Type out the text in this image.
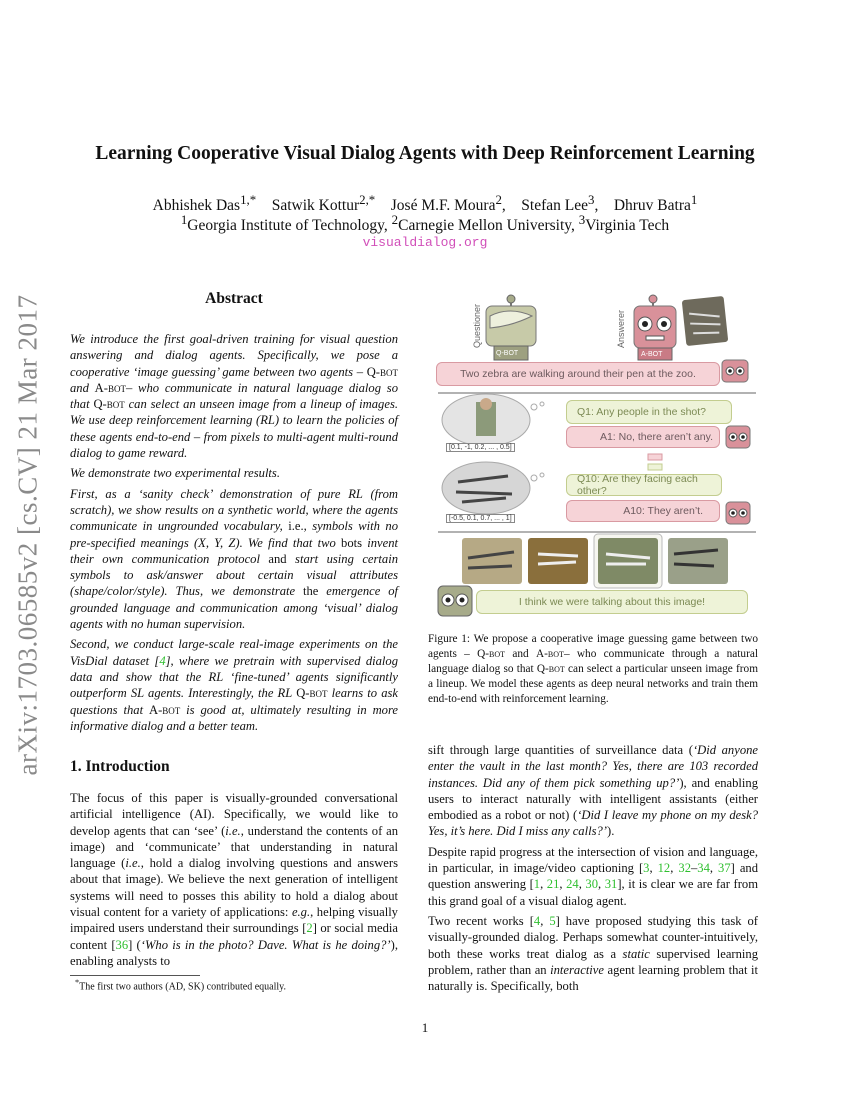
Learning Cooperative Visual Dialog Agents with Deep Reinforcement Learning
Abhishek Das$^{1,*}$ Satwik Kottur$^{2,*}$ José M.F. Moura$^2$,    Stefan Lee$^3$,    Dhruv Batra$^1$
$^1$Georgia Institute of Technology, $^2$Carnegie Mellon University, $^3$Virginia Tech
visualdialog.org
arXiv:1703.06585v2 [cs.CV] 21 Mar 2017	Abstract

We introduce the first goal-driven training for visual question answering and dialog agents. Specifically, we pose a cooperative ‘image guessing’ game between two agents – Q-bot and A-bot– who communicate in natural language dialog so that Q-bot can select an unseen image from a lineup of images. We use deep reinforcement learning (RL) to learn the policies of these agents end-to-end – from pixels to multi-agent multi-round dialog to game reward.

We demonstrate two experimental results.

First, as a ‘sanity check’ demonstration of pure RL (from scratch), we show results on a synthetic world, where the agents communicate in ungrounded vocabulary, i.e., symbols with no pre-specified meanings (X, Y, Z). We find that two bots invent their own communication protocol and start using certain symbols to ask/answer about certain visual attributes (shape/color/style). Thus, we demonstrate the emergence of grounded language and communication among ‘visual’ dialog agents with no human supervision.

Second, we conduct large-scale real-image experiments on the VisDial dataset [4], where we pretrain with supervised dialog data and show that the RL ‘fine-tuned’ agents significantly outperform SL agents. Interestingly, the RL Q-bot learns to ask questions that A-bot is good at, ultimately resulting in more informative dialog and a better team.

1. Introduction

The focus of this paper is visually-grounded conversational artificial intelligence (AI). Specifically, we would like to develop agents that can ‘see’ (i.e., understand the contents of an image) and ‘communicate’ that understanding in natural language (i.e., hold a dialog involving questions and answers about that image). We believe the next generation of intelligent systems will need to posses this ability to hold a dialog about visual content for a variety of applications: e.g., helping visually impaired users understand their surroundings [2] or social media content [36] (‘Who is in the photo? Dave. What is he doing?’), enabling analysts to

*The first two authors (AD, SK) contributed equally.
Questioner	Answerer
Q-BOT	A-BOT
Two zebra are walking around their pen at the zoo.
Q1: Any people in the shot?
A1: No, there aren’t any.
[0.1, -1, 0.2, ... , 0.5]
Q10: Are they facing each other?
A10: They aren’t.
[-0.5, 0.1, 0.7, ... , 1]
I think we were talking about this image!
Figure 1: We propose a cooperative image guessing game between two agents – Q-bot and A-bot– who communicate through a natural language dialog so that Q-bot can select a particular unseen image from a lineup. We model these agents as deep neural networks and train them end-to-end with reinforcement learning.

sift through large quantities of surveillance data (‘Did anyone enter the vault in the last month? Yes, there are 103 recorded instances. Did any of them pick something up?’), and enabling users to interact naturally with intelligent assistants (either embodied as a robot or not) (‘Did I leave my phone on my desk? Yes, it’s here. Did I miss any calls?’).

Despite rapid progress at the intersection of vision and language, in particular, in image/video captioning [3, 12, 32–34, 37] and question answering [1, 21, 24, 30, 31], it is clear we are far from this grand goal of a visual dialog agent.

Two recent works [4, 5] have proposed studying this task of visually-grounded dialog. Perhaps somewhat counter-intuitively, both these works treat dialog as a static supervised learning problem, rather than an interactive agent learning problem that it naturally is. Specifically, both

1
